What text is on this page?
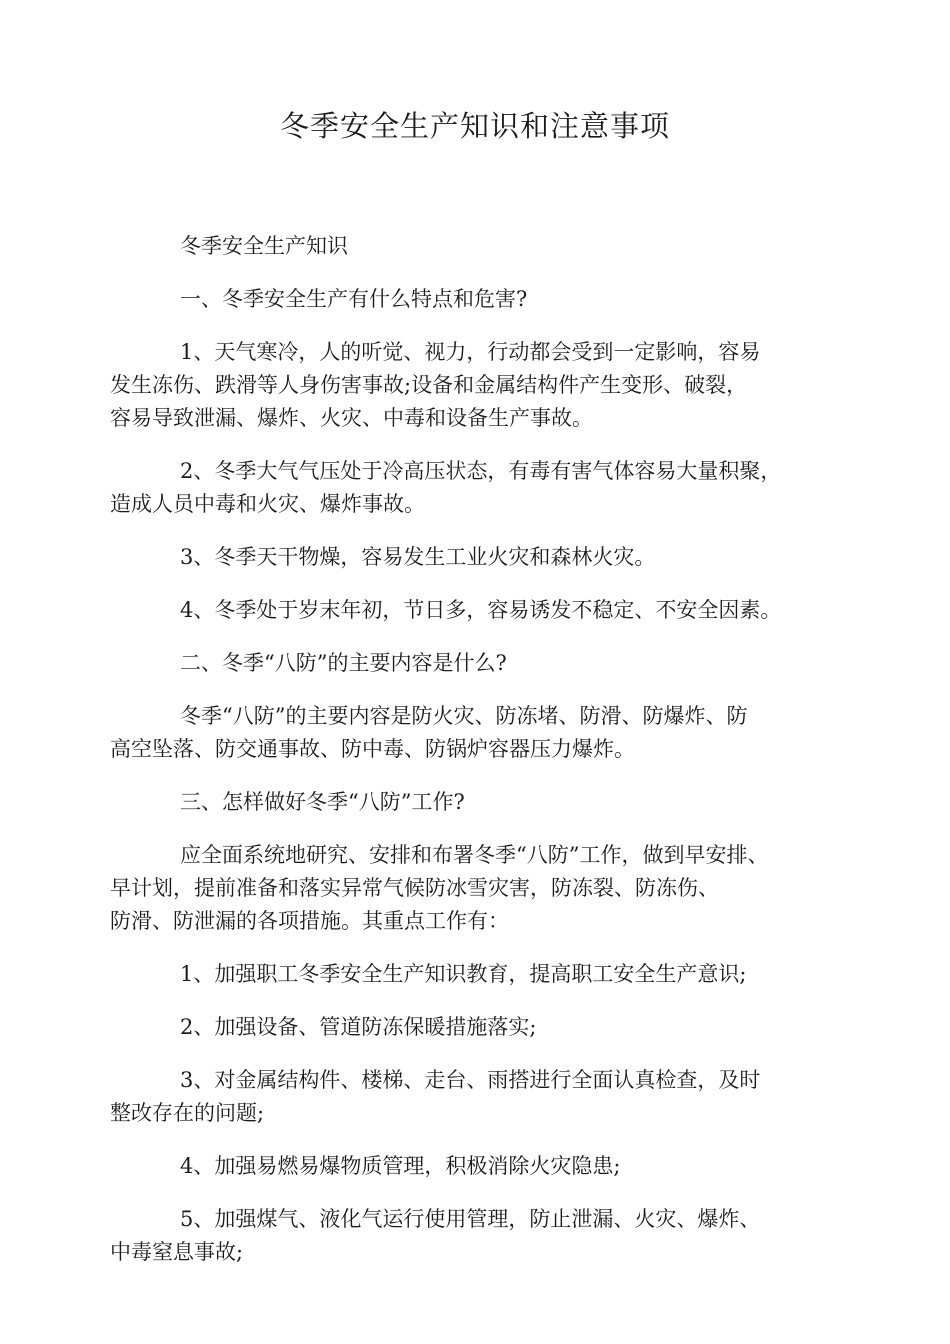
冬季安全生产知识和注意事项

冬季安全生产知识

一、冬季安全生产有什么特点和危害?

1、天气寒冷，人的听觉、视力，行动都会受到一定影响，容易
发生冻伤、跌滑等人身伤害事故;设备和金属结构件产生变形、破裂，
容易导致泄漏、爆炸、火灾、中毒和设备生产事故。

2、冬季大气气压处于冷高压状态，有毒有害气体容易大量积聚，
造成人员中毒和火灾、爆炸事故。

3、冬季天干物燥，容易发生工业火灾和森林火灾。

4、冬季处于岁末年初，节日多，容易诱发不稳定、不安全因素。

二、冬季“八防”的主要内容是什么?

冬季“八防”的主要内容是防火灾、防冻堵、防滑、防爆炸、防
高空坠落、防交通事故、防中毒、防锅炉容器压力爆炸。

三、怎样做好冬季“八防”工作?

应全面系统地研究、安排和布署冬季“八防”工作，做到早安排、
早计划，提前准备和落实异常气候防冰雪灾害，防冻裂、防冻伤、
防滑、防泄漏的各项措施。其重点工作有：

1、加强职工冬季安全生产知识教育，提高职工安全生产意识;

2、加强设备、管道防冻保暖措施落实;

3、对金属结构件、楼梯、走台、雨搭进行全面认真检查，及时
整改存在的问题;

4、加强易燃易爆物质管理，积极消除火灾隐患;

5、加强煤气、液化气运行使用管理，防止泄漏、火灾、爆炸、
中毒窒息事故;
